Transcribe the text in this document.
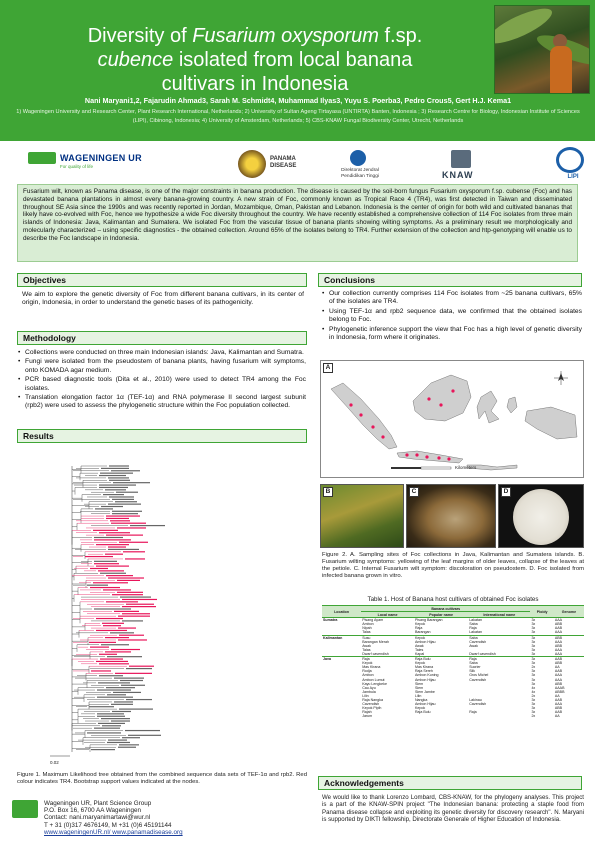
Diversity of Fusarium oxysporum f.sp.
cubence isolated from local banana
cultivars in Indonesia
Nani Maryani1,2, Fajarudin Ahmad3, Sarah M. Schmidt4, Muhammad Ilyas3, Yuyu S. Poerba3, Pedro Crous5, Gert H.J. Kema1
1) Wageningen University and Research Center, Plant Research International, Netherlands; 2) University of Sultan Ageng Tirtayasa (UNTIRTA) Banten, Indonesia ; 3) Research Centre for Biology, Indonesian Institute of Sciences (LIPI), Cibinong, Indonesia; 4) University of Amsterdam, Netherlands; 5) CBS-KNAW Fungal Biodiversity Center, Utrecht, Netherlands
WAGENINGEN UR
For quality of life
PANAMA
DISEASE
Direktorat Jendral Pendidikan Tinggi	KNAW	LIPI
Fusarium wilt, known as Panama disease, is one of the major constraints in banana production. The disease is caused by the soil-born fungus Fusarium oxysporum f.sp. cubense (Foc) and has devastated banana plantations in almost every banana-growing country. A new strain of Foc, commonly known as Tropical Race 4 (TR4), was first detected in Taiwan and disseminated throughout SE Asia since the 1990s and was recently reported in Jordan, Mozambique, Oman, Pakistan and Lebanon. Indonesia is the center of origin for both wild and cultivated bananas that likely have co-evolved with Foc, hence we hypothesize a wide Foc diversity throughout the country. We have recently established a comprehensive collection of 114 Foc isolates from three main islands of Indonesia: Java, Kalimantan and Sumatera. We isolated Foc from the vascular tissue of banana plants showing wilting symptoms. As a preliminary result we morphologically and molecularly characterized – using specific diagnostics - the obtained collection. Around 65% of the isolates belong to TR4. Further extension of the collection and htp-genotyping will enable us to describe the Foc landscape in Indonesia.
Objectives
We aim to explore the genetic diversity of Foc from different banana cultivars, in its center of origin, Indonesia, in order to understand the genetic bases of its pathogenicity.
Methodology
• Collections were conducted on three main Indonesian islands: Java, Kalimantan and Sumatra.
• Fungi were isolated from the pseudostem of banana plants, having fusarium wilt symptoms, onto KOMADA agar medium.
• PCR based diagnostic tools (Dita et al., 2010) were used to detect TR4 among the Foc isolates.
• Translation elongation factor 1α (TEF-1α) and RNA polymerase II second largest subunit (rpb2) were used to assess the phylogenetic structure within the Foc population collected.
Results
0.02
Figure 1. Maximum Likelihood tree obtained from the combined sequence data sets of TEF-1α and rpb2. Red colour indicates TR4. Bootstrap support values indicated at the nodes.
Wageningen UR, Plant Science Group
P.O. Box 16, 6700 AA Wageningen
Contact: nani.maryanimartawi@wur.nl
T + 31 (0)317 4676149, M +31 (0)6 45191144
www.wageningenUR.nl/ www.panamadisease.org
Conclusions
• Our collection currently comprises 114 Foc isolates from ~25 banana cultivars, 65% of the isolates are TR4.
• Using TEF-1α and rpb2 sequence data, we confirmed that the obtained isolates belong to Foc.
• Phylogenetic inference support the view that Foc has a high level of genetic diversity in Indonesia, form where it originates.
A
Kilometers
B	C	D
Figure 2. A. Sampling sites of Foc collections in Java, Kalimantan and Sumatera islands. B. Fusarium wilting symptoms: yellowing of the leaf margins of older leaves, collapse of the leaves at the petiole. C. Internal Fusarium wilt symptom: discoloration on pseudostem. D. Foc isolated from infected banana grown in vitro.
Table 1. Host of Banana host cultivars of obtained Foc isolates
Location	Banana cultivars			Ploidy	Genome
	Local name	Popular name	International name		
Sumatra	Pisang Ayam	Pisang Barangan	Lakatan	3x	AAA
	Ambon	Kepok	Saba	3x	ABB
	Nipah	Raja	Raja	3x	AAB
	Talas	Barangan	Lakatan	3x	AAA
Kalimantan	Susu	Kepok	Saba	3x	ABB
	Barangan Merah	Ambon Hijau	Cavendish	3x	AAA
	Awak	Awak	Awak	3x	ABB
	Talas	Tales		3x	AAA
	Dwarf cavendish	Kapal	Dwarf cavendish	3x	AAA
Java	Raja	Raja Bulu	Raja	3x	AAB
	Kepok	Kepok	Saba	3x	ABB
	Mas Kirana	Mas Kirana	Sucrier	2x	AA
	Rodja	Raja Sereh	Silk	3x	AAB
	Ambon	Ambon Kuning	Gros Michel	3x	AAA
	Ambon Lumut	Ambon Hijau	Cavendish	3x	AAA
	Kayu Lengkeke	Siem		3x	ABB
	Cau Ayu	Siem		4x	AAAB
	Jambula	Siem Jambe		4x	ABBB
	Lilin	Lilin		2x	AA
	Raja Nangka	Nangka	Lakinau	3x	AAB
	Cavendish	Ambon Hijau	Cavendish	3x	AAA
	Kepok Pipih	Kepok		3x	ABB
	Rajah	Raja Bulu	Raja	3x	AAB
	Jarum			2x	AA
Acknowledgements
We would like to thank Lorenzo Lombard, CBS-KNAW, for the phylogeny analyses. This project is a part of the KNAW-SPIN project "The Indonesian banana: protecting a staple food from Panama disease collapse and exploiting its genetic diversity for discovery research". N. Maryani is supported by DIKTI fellowship, Directorate Generale of Higher Education of Indonesia.
